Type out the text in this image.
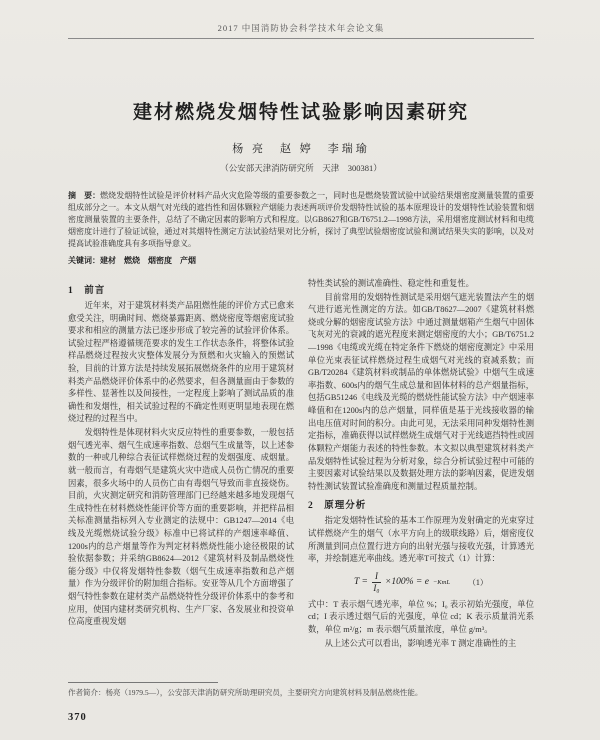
2017 中国消防协会科学技术年会论文集
建材燃烧发烟特性试验影响因素研究
杨 亮　赵 婷　李瑞瑜
（公安部天津消防研究所　天津　300381）
摘　要：燃烧发烟特性试验是评价材料产品火灾危险等级的重要参数之一，同时也是燃烧装置试验中试验结果烟密度测量装置的重要组成部分之一。本文从烟气对光线的遮挡性和固体颗粒产烟能力表述两项评价发烟特性试验的基本原理设计的发烟特性试验装置和烟密度测量装置的主要条件，总结了不确定因素的影响方式和程度。以GB8627和GB/T6751.2—1998方法，采用烟密度测试材料和电缆烟密度计进行了验证试验，通过对其烟特性测定方法试验结果对比分析，探讨了典型试验烟密度试验和测试结果失实的影响，以及对提高试验准确度具有多项指导意义。
关键词：建材　燃烧　烟密度　产烟
1　前言

近年来，对于建筑材料类产品阻燃性能的评价方式已愈来愈受关注，明确时间、燃烧暴露距离、燃烧密度等烟密度试验要求和相应的测量方法已逐步形成了较完善的试验评价体系。试验过程严格遵循规范要求的发生工作状态条件，将整体试验样品燃烧过程按火灾整体发展分为预燃和火灾输入的预燃试验，目前的计算方法是持续发展拓展燃烧条件的应用于建筑材料类产品燃烧评价体系中的必然要求，但各测量面由于参数的多样性、显著性以及间接性，一定程度上影响了测试品质的准确性和发烟性，相关试验过程的不确定性则更明显地表现在燃烧过程的过程当中。

发烟特性是体现材料火灾反应特性的重要参数，一般包括烟气透光率、烟气生成速率指数、总烟气生成量等，以上述参数的一种或几种综合表征试样燃烧过程的发烟强度、成烟量。就一般而言，有毒烟气是建筑火灾中造成人员伤亡情况的重要因素，很多火场中的人员伤亡由有毒烟气导致而非直接烧伤。目前，火灾测定研究和消防管理部门已经越来越多地发现烟气生成特性在材料燃烧性能评价等方面的重要影响，并把样品相关标准测量指标列入专业测定的法规中：GB1247—2014《电线及光缆燃烧试验分级》标准中已将试样的产烟速率峰值、1200s内的总产烟量等作为判定材料燃烧性能小途径极限的试验依据参数；并采纳GB8624—2012《建筑材料及制品燃烧性能分级》中仅将发烟特性参数（烟气生成速率指数和总产烟量）作为分级评价的附加组合指标。安亚等从几个方面增强了烟气特性参数在建材类产品燃烧特性分级评价体系中的参考和应用，使国内建材类研究机构、生产厂家、各发展业和投资单位高度重视发烟

特性类试验的测试准确性、稳定性和重复性。

目前常用的发烟特性测试是采用烟气遮光装置法产生的烟气进行遮光性测定的方法。如GB/T8627—2007《建筑材料燃烧或分解的烟密度试验方法》中通过测量烟箱产生烟气中固体飞灰对光的衰减的遮光程度来测定烟密度的大小；GB/T6751.2—1998《电缆或光缆在特定条件下燃烧的烟密度测定》中采用单位光束表征试样燃烧过程生成烟气对光线的衰减系数；而GB/T20284《建筑材料或制品的单体燃烧试验》中烟气生成速率指数、600s内的烟气生成总量和固体材料的总产烟量指标，包括GB51246《电线及光缆的燃烧性能试验方法》中产烟速率峰值和在1200s内的总产烟量，同样值是基于光线接收器的输出电压值对时间的积分。由此可见，无法采用同种发烟特性测定指标，准确获得以试样燃烧生成烟气对于光线遮挡特性或固体颗粒产烟能力表述的特性参数。本文拟以典型建筑材料类产品发烟特性试验过程为分析对象，综合分析试验过程中可能的主要因素对试验结果以及数据处理方法的影响因素，促进发烟特性测试装置试验准确度和测量过程质量控制。

2　原理分析

指定发烟特性试验的基本工作原理为发射确定的光束穿过试样燃烧产生的烟气（水平方向上的级联线路）后，烟密度仪所测量到同点位置行进方向的出射光强与接收光强，计算透光率，并绘制遮光率曲线。透光率T可按式（1）计算：

$T = \frac{I}{\text{I₀}} \times 100\% = e -KmL$ （1）

式中：T 表示烟气透光率，单位 %；I₀ 表示初始光强度，单位 cd；I 表示透过烟气后的光强度，单位 cd；K 表示质量消光系数，单位 m²/g；m 表示烟气质量浓度，单位 g/m³。

从上述公式可以看出，影响透光率 T 测定准确性的主

作者简介：杨亮（1979.5—），公安部天津消防研究所助理研究员，主要研究方向建筑材料及制品燃烧性能。
370
